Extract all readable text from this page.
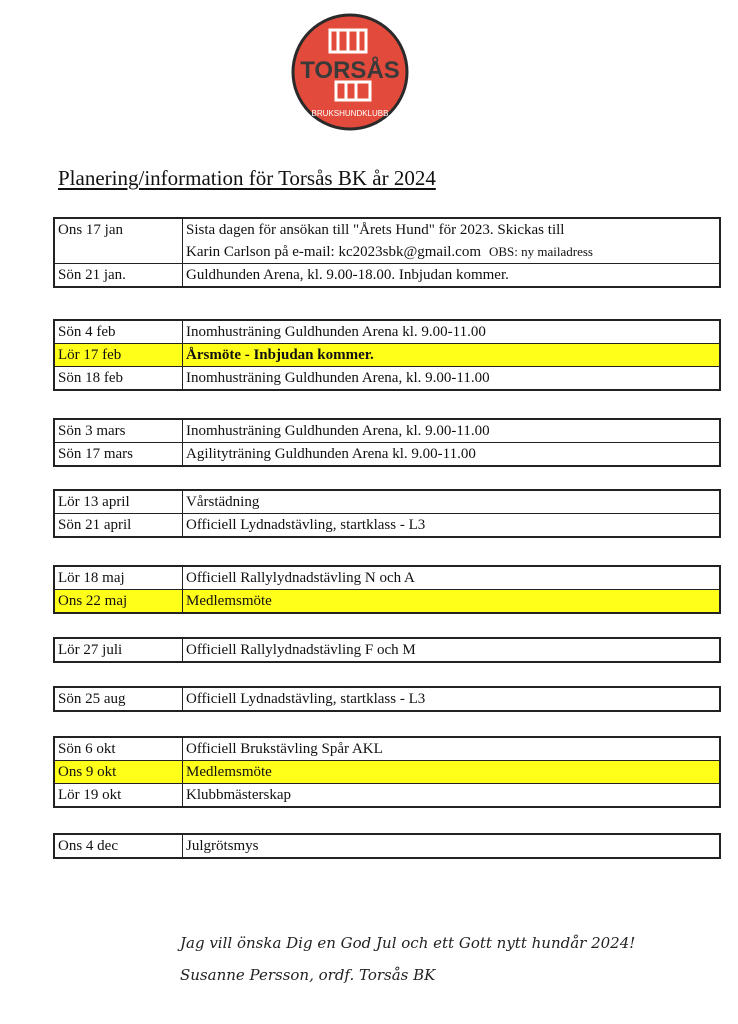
TORSÅS
BRUKSHUNDKLUBB
Planering/information för Torsås BK år 2024
Ons 17 jan	Sista dagen för ansökan till "Årets Hund" för 2023. Skickas till
Karin Carlson på e-mail: kc2023sbk@gmail.com OBS: ny mailadress
Sön 21 jan.	Guldhunden Arena, kl. 9.00-18.00. Inbjudan kommer.
Sön 4 feb	Inomhusträning Guldhunden Arena kl. 9.00-11.00
Lör 17 feb	Årsmöte - Inbjudan kommer.
Sön 18 feb	Inomhusträning Guldhunden Arena, kl. 9.00-11.00
Sön 3 mars	Inomhusträning Guldhunden Arena, kl. 9.00-11.00
Sön 17 mars	Agilityträning Guldhunden Arena kl. 9.00-11.00
Lör 13 april	Vårstädning
Sön 21 april	Officiell Lydnadstävling, startklass - L3
Lör 18 maj	Officiell Rallylydnadstävling N och A
Ons 22 maj	Medlemsmöte
Lör 27 juli	Officiell Rallylydnadstävling F och M
Sön 25 aug	Officiell Lydnadstävling, startklass - L3
Sön 6 okt	Officiell Brukstävling Spår AKL
Ons 9 okt	Medlemsmöte
Lör 19 okt	Klubbmästerskap
Ons 4 dec	Julgrötsmys
Jag vill önska Dig en God Jul och ett Gott nytt hundår 2024!
Susanne Persson, ordf. Torsås BK
